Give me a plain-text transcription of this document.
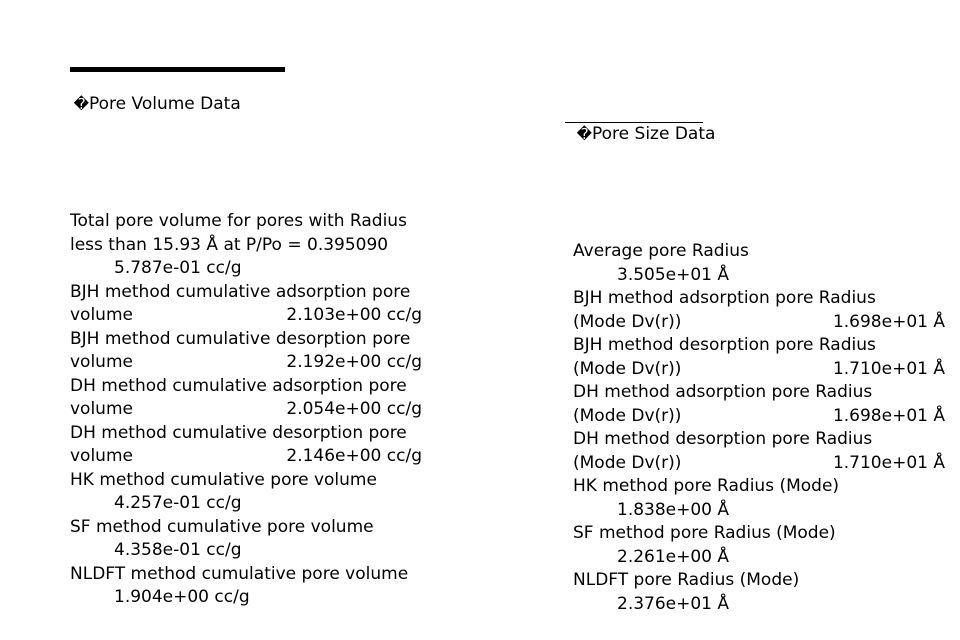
�Pore Volume Data

Total pore volume for pores with Radius
less than 15.93 Å at P/Po = 0.395090
5.787e-01 cc/g
BJH method cumulative adsorption pore
volume	2.103e+00 cc/g
BJH method cumulative desorption pore
volume	2.192e+00 cc/g
DH method cumulative adsorption pore
volume	2.054e+00 cc/g
DH method cumulative desorption pore
volume	2.146e+00 cc/g
HK method cumulative pore volume
4.257e-01 cc/g
SF method cumulative pore volume
4.358e-01 cc/g
NLDFT method cumulative pore volume
1.904e+00 cc/g

�Pore Size Data

Average pore Radius
3.505e+01 Å
BJH method adsorption pore Radius
(Mode Dv(r))	1.698e+01 Å
BJH method desorption pore Radius
(Mode Dv(r))	1.710e+01 Å
DH method adsorption pore Radius
(Mode Dv(r))	1.698e+01 Å
DH method desorption pore Radius
(Mode Dv(r))	1.710e+01 Å
HK method pore Radius (Mode)
1.838e+00 Å
SF method pore Radius (Mode)
2.261e+00 Å
NLDFT pore Radius (Mode)
2.376e+01 Å
